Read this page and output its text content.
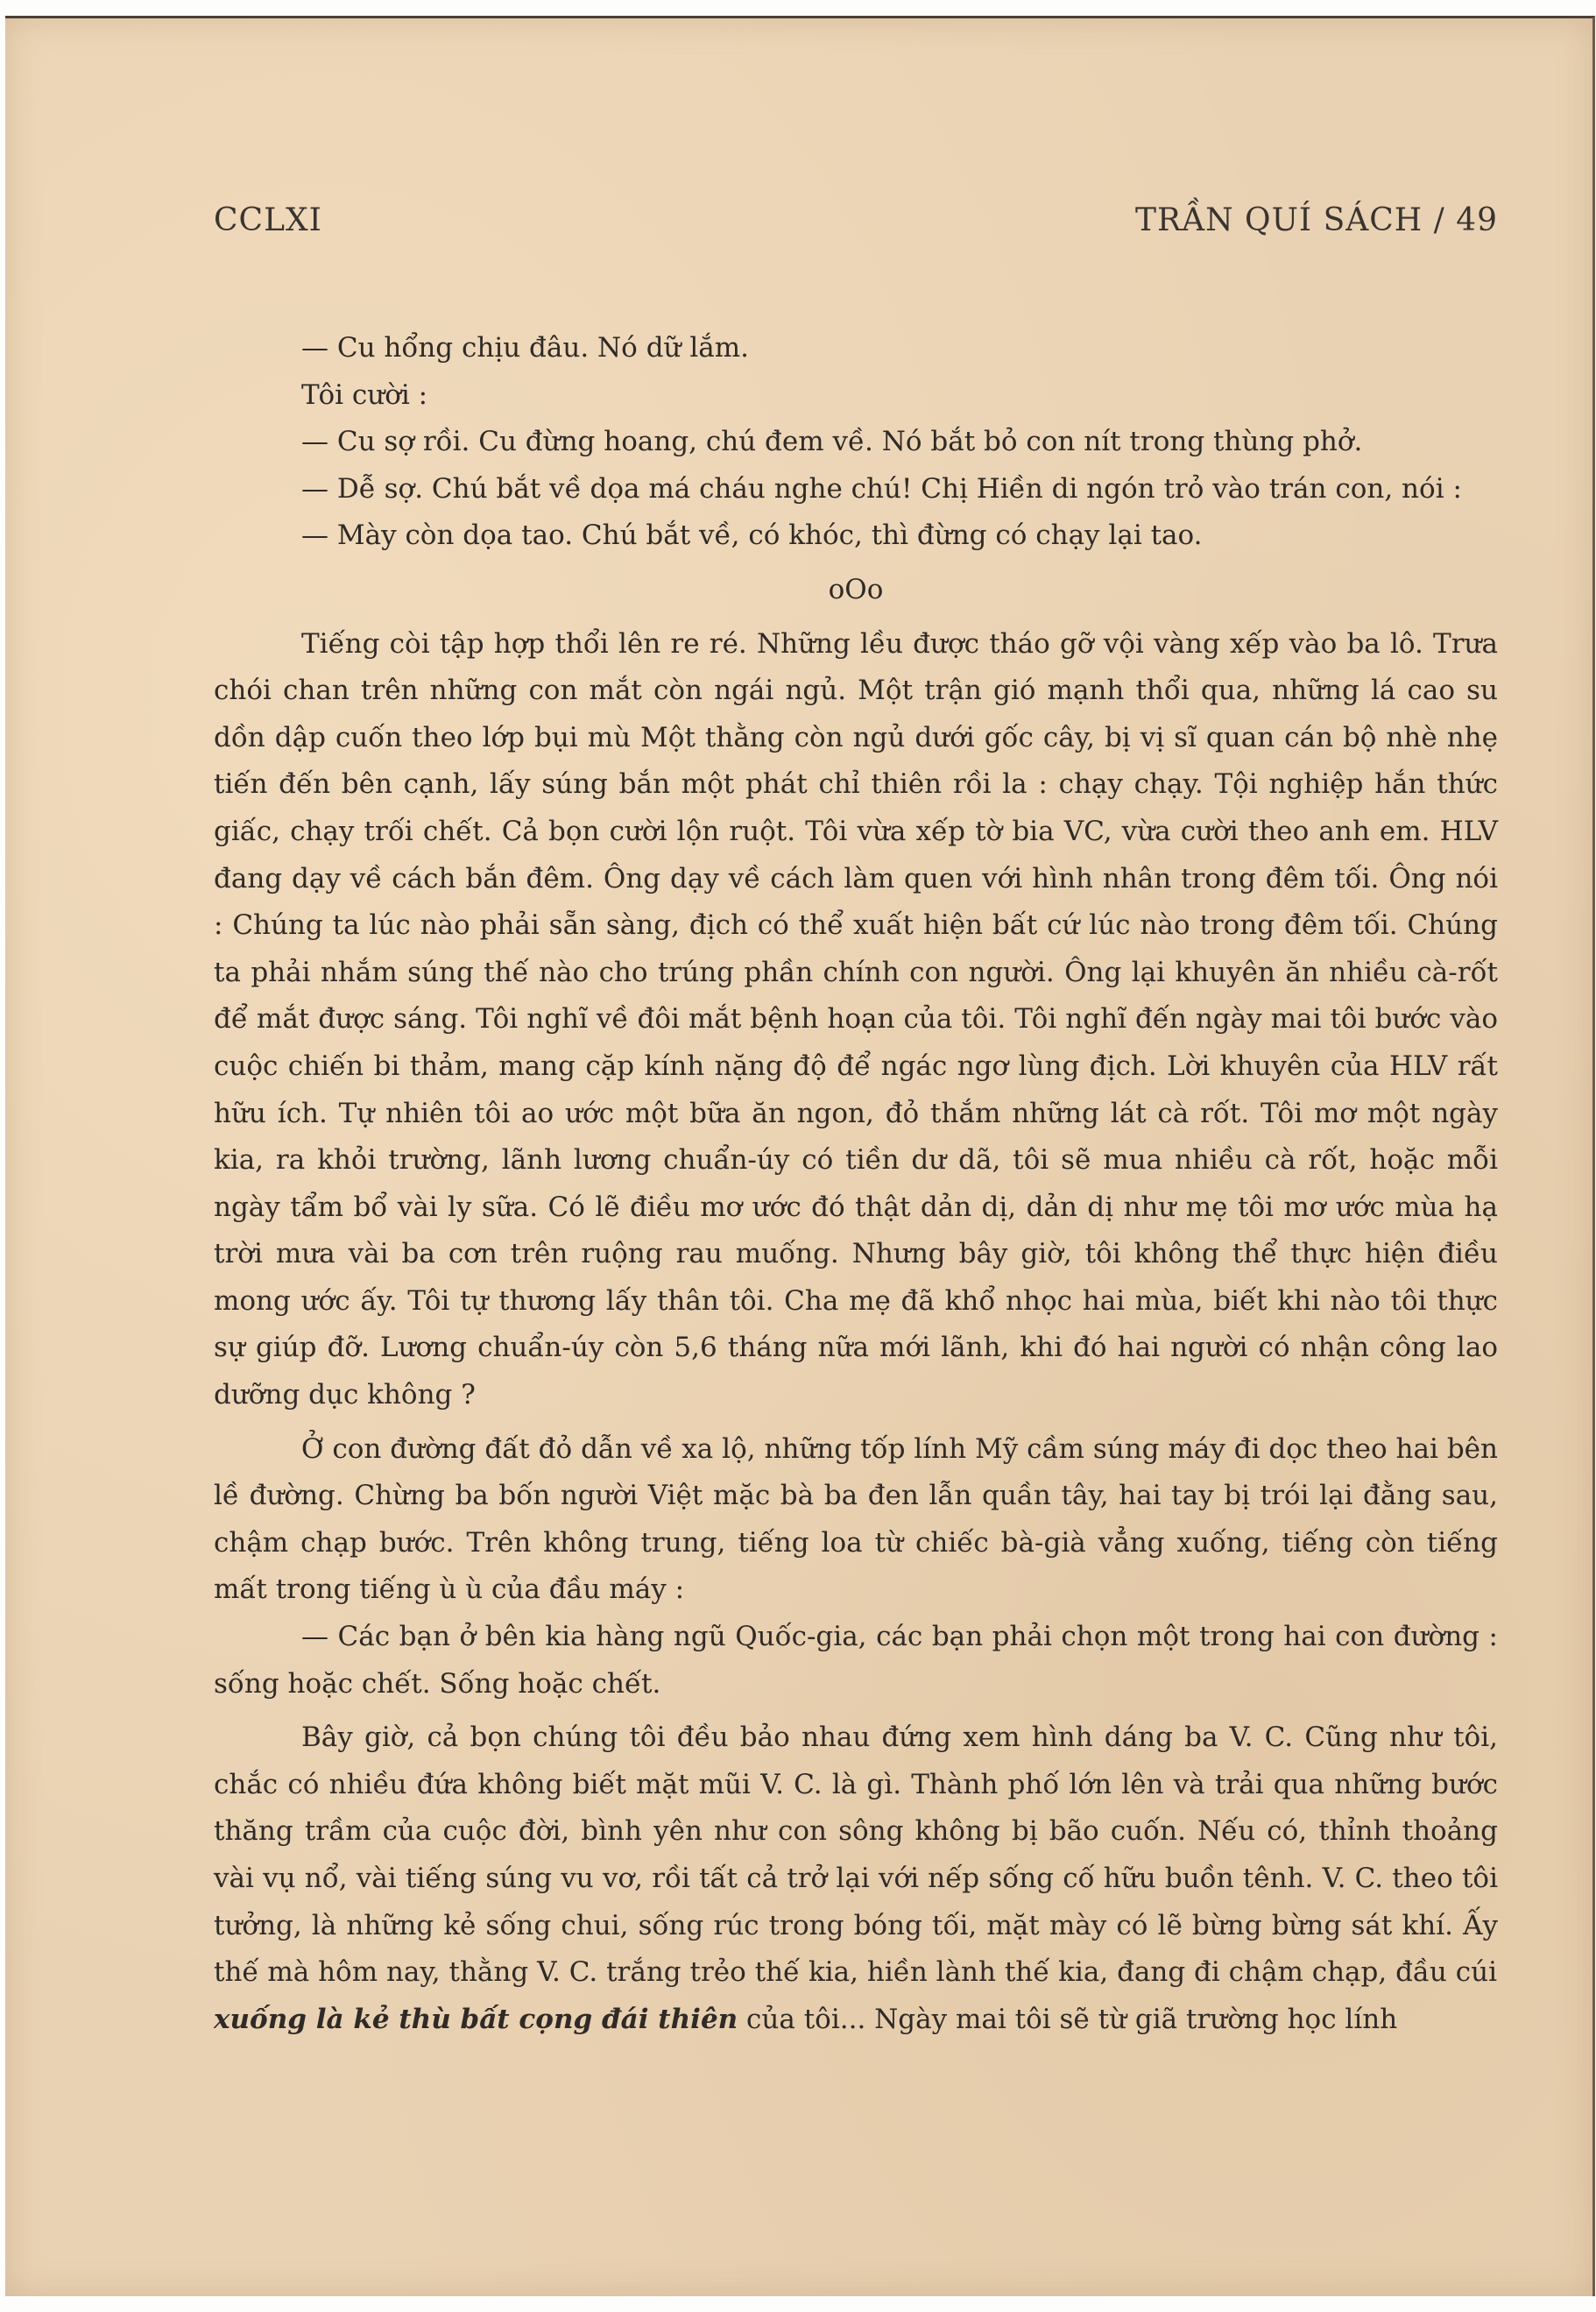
CCLXI	TRẦN QUÍ SÁCH / 49

— Cu hổng chịu đâu. Nó dữ lắm.

Tôi cười :

— Cu sợ rồi. Cu đừng hoang, chú đem về. Nó bắt bỏ con nít trong thùng phở.

— Dễ sợ. Chú bắt về dọa má cháu nghe chú! Chị Hiền di ngón trỏ vào trán con, nói :

— Mày còn dọa tao. Chú bắt về, có khóc, thì đừng có chạy lại tao.

oOo

Tiếng còi tập hợp thổi lên re ré. Những lều được tháo gỡ vội vàng xếp vào ba lô. Trưa chói chan trên những con mắt còn ngái ngủ. Một trận gió mạnh thổi qua, những lá cao su dồn dập cuốn theo lớp bụi mù Một thằng còn ngủ dưới gốc cây, bị vị sĩ quan cán bộ nhè nhẹ tiến đến bên cạnh, lấy súng bắn một phát chỉ thiên rồi la : chạy chạy. Tội nghiệp hắn thức giấc, chạy trối chết. Cả bọn cười lộn ruột. Tôi vừa xếp tờ bia VC, vừa cười theo anh em. HLV đang dạy về cách bắn đêm. Ông dạy về cách làm quen với hình nhân trong đêm tối. Ông nói : Chúng ta lúc nào phải sẵn sàng, địch có thể xuất hiện bất cứ lúc nào trong đêm tối. Chúng ta phải nhắm súng thế nào cho trúng phần chính con người. Ông lại khuyên ăn nhiều cà-rốt để mắt được sáng. Tôi nghĩ về đôi mắt bệnh hoạn của tôi. Tôi nghĩ đến ngày mai tôi bước vào cuộc chiến bi thảm, mang cặp kính nặng độ để ngác ngơ lùng địch. Lời khuyên của HLV rất hữu ích. Tự nhiên tôi ao ước một bữa ăn ngon, đỏ thắm những lát cà rốt. Tôi mơ một ngày kia, ra khỏi trường, lãnh lương chuẩn-úy có tiền dư dã, tôi sẽ mua nhiều cà rốt, hoặc mỗi ngày tẩm bổ vài ly sữa. Có lẽ điều mơ ước đó thật dản dị, dản dị như mẹ tôi mơ ước mùa hạ trời mưa vài ba cơn trên ruộng rau muống. Nhưng bây giờ, tôi không thể thực hiện điều mong ước ấy. Tôi tự thương lấy thân tôi. Cha mẹ đã khổ nhọc hai mùa, biết khi nào tôi thực sự giúp đỡ. Lương chuẩn-úy còn 5,6 tháng nữa mới lãnh, khi đó hai người có nhận công lao dưỡng dục không ?

Ở con đường đất đỏ dẫn về xa lộ, những tốp lính Mỹ cầm súng máy đi dọc theo hai bên lề đường. Chừng ba bốn người Việt mặc bà ba đen lẫn quần tây, hai tay bị trói lại đằng sau, chậm chạp bước. Trên không trung, tiếng loa từ chiếc bà-già vẳng xuống, tiếng còn tiếng mất trong tiếng ù ù của đầu máy :

— Các bạn ở bên kia hàng ngũ Quốc-gia, các bạn phải chọn một trong hai con đường : sống hoặc chết. Sống hoặc chết.

Bây giờ, cả bọn chúng tôi đều bảo nhau đứng xem hình dáng ba V. C. Cũng như tôi, chắc có nhiều đứa không biết mặt mũi V. C. là gì. Thành phố lớn lên và trải qua những bước thăng trầm của cuộc đời, bình yên như con sông không bị bão cuốn. Nếu có, thỉnh thoảng vài vụ nổ, vài tiếng súng vu vơ, rồi tất cả trở lại với nếp sống cố hữu buồn tênh. V. C. theo tôi tưởng, là những kẻ sống chui, sống rúc trong bóng tối, mặt mày có lẽ bừng bừng sát khí. Ấy thế mà hôm nay, thằng V. C. trắng trẻo thế kia, hiền lành thế kia, đang đi chậm chạp, đầu cúi

xuống là kẻ thù bất cọng đái thiên của tôi... Ngày mai tôi sẽ từ giã trường học lính
